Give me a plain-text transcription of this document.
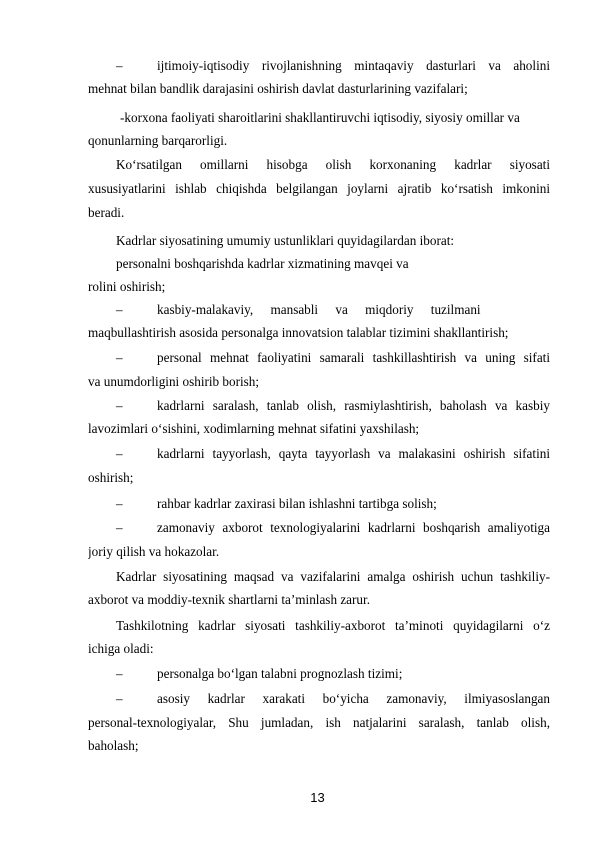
–	ijtimoiy-iqtisodiy rivojlanishning mintaqaviy dasturlari va aholini
mehnat bilan bandlik darajasini oshirish davlat dasturlarining vazifalari;
-korxona faoliyati sharoitlarini shakllantiruvchi iqtisodiy, siyosiy omillar va
qonunlarning barqarorligi.
Ko‘rsatilgan omillarni hisobga olish korxonaning kadrlar siyosati
xususiyatlarini ishlab chiqishda belgilangan joylarni ajratib ko‘rsatish imkonini
beradi.
Kadrlar siyosatining umumiy ustunliklari quyidagilardan iborat:
personalni boshqarishda kadrlar xizmatining mavqei va
rolini oshirish;
–	kasbiy-malakaviy, mansabli va miqdoriy tuzilmani
maqbullashtirish asosida personalga innovatsion talablar tizimini shakllantirish;
–	personal mehnat faoliyatini samarali tashkillashtirish va uning sifati
va unumdorligini oshirib borish;
–	kadrlarni saralash, tanlab olish, rasmiylashtirish, baholash va kasbiy
lavozimlari o‘sishini, xodimlarning mehnat sifatini yaxshilash;
–	kadrlarni tayyorlash, qayta tayyorlash va malakasini oshirish sifatini
oshirish;
–	rahbar kadrlar zaxirasi bilan ishlashni tartibga solish;
–	zamonaviy axborot texnologiyalarini kadrlarni boshqarish amaliyotiga
joriy qilish va hokazolar.
Kadrlar siyosatining maqsad va vazifalarini amalga oshirish uchun tashkiliy-
axborot va moddiy-texnik shartlarni ta’minlash zarur.
Tashkilotning kadrlar siyosati tashkiliy-axborot ta’minoti quyidagilarni o‘z
ichiga oladi:
–	personalga bo‘lgan talabni prognozlash tizimi;
–	asosiy kadrlar xarakati bo‘yicha zamonaviy, ilmiyasoslangan
personal-texnologiyalar, Shu jumladan, ish natjalarini saralash, tanlab olish,
baholash;
13
